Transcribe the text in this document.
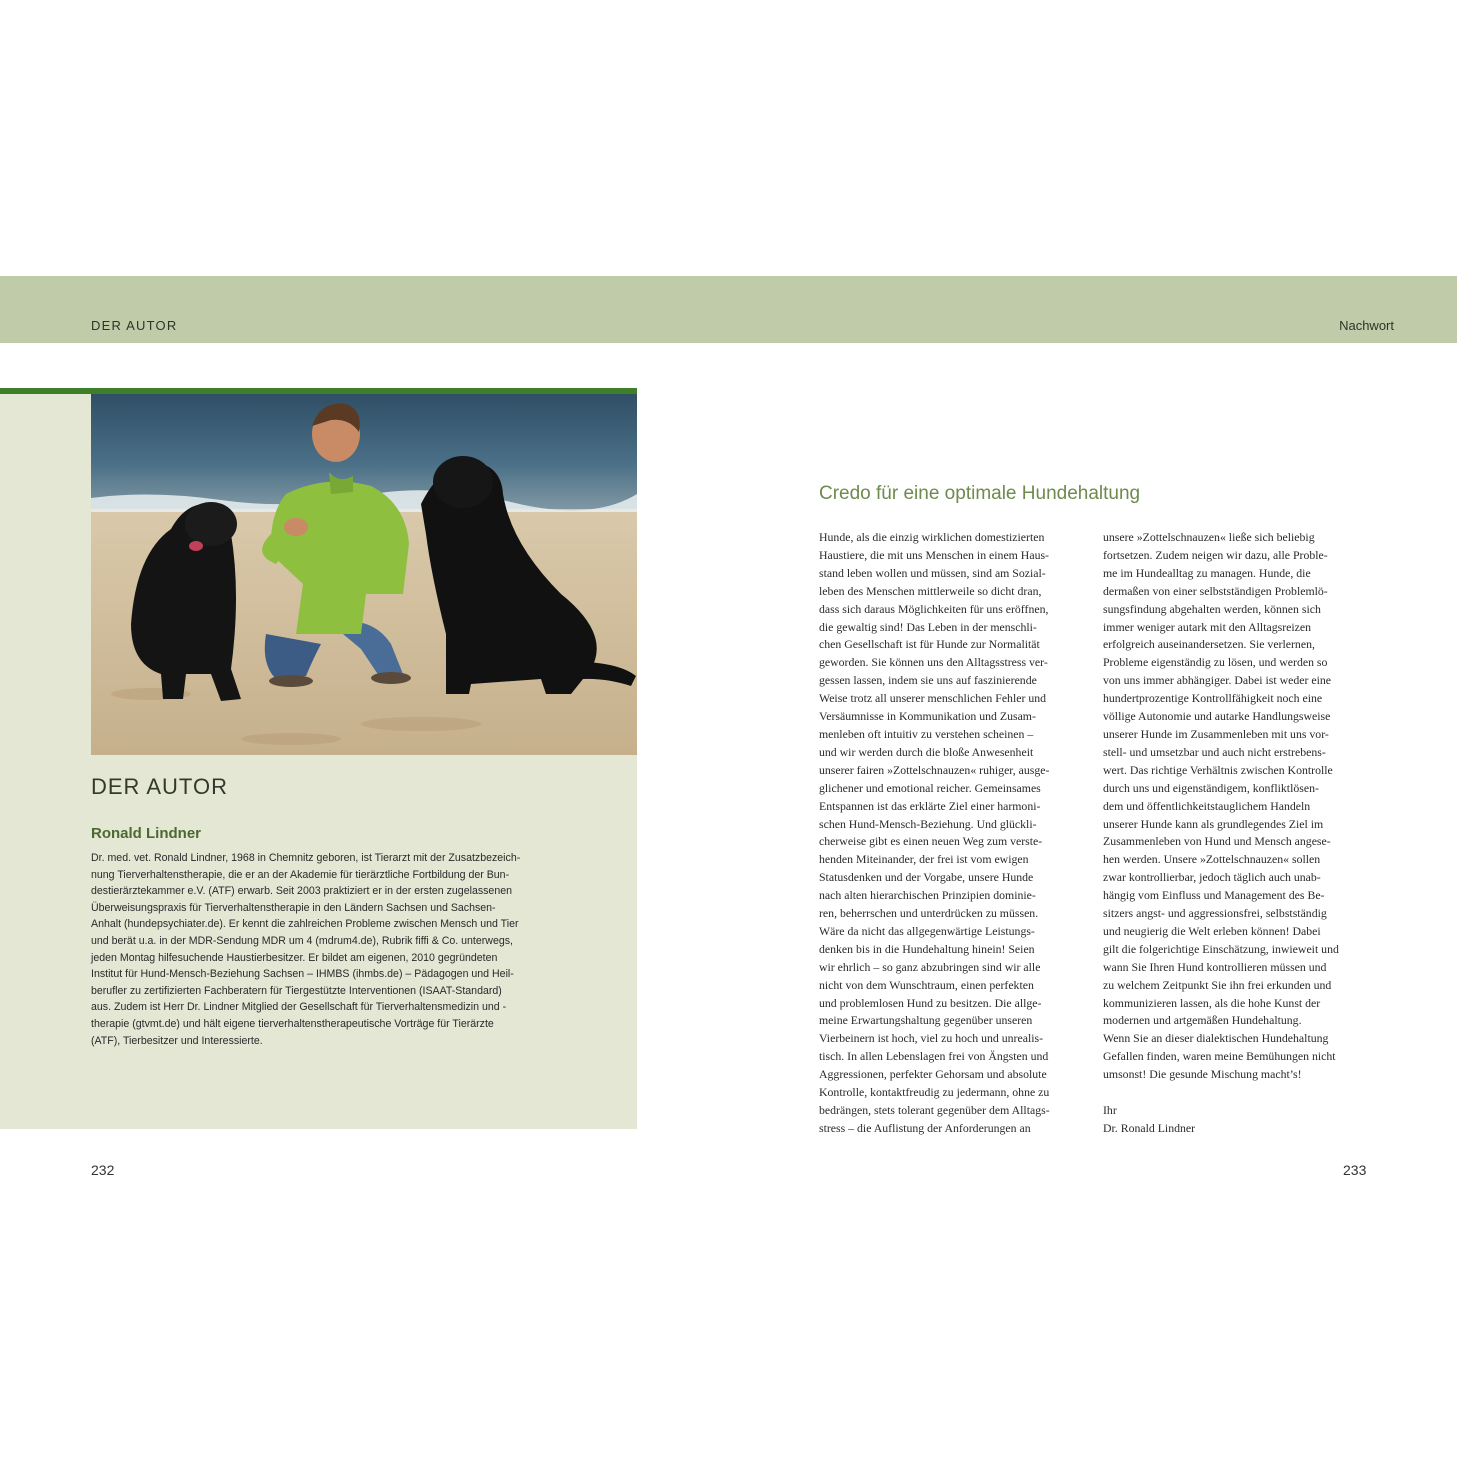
DER AUTOR	Nachwort
DER AUTOR
Ronald Lindner

Dr. med. vet. Ronald Lindner, 1968 in Chemnitz geboren, ist Tierarzt mit der Zusatzbezeich-
nung Tierverhaltenstherapie, die er an der Akademie für tierärztliche Fortbildung der Bun-
destierärztekammer e.V. (ATF) erwarb. Seit 2003 praktiziert er in der ersten zugelassenen
Überweisungspraxis für Tierverhaltenstherapie in den Ländern Sachsen und Sachsen-
Anhalt (hundepsychiater.de). Er kennt die zahlreichen Probleme zwischen Mensch und Tier
und berät u.a. in der MDR-Sendung MDR um 4 (mdrum4.de), Rubrik fiffi & Co. unterwegs,
jeden Montag hilfesuchende Haustierbesitzer. Er bildet am eigenen, 2010 gegründeten
Institut für Hund-Mensch-Beziehung Sachsen – IHMBS (ihmbs.de) – Pädagogen und Heil-
berufler zu zertifizierten Fachberatern für Tiergestützte Interventionen (ISAAT-Standard)
aus. Zudem ist Herr Dr. Lindner Mitglied der Gesellschaft für Tierverhaltensmedizin und -
therapie (gtvmt.de) und hält eigene tierverhaltenstherapeutische Vorträge für Tierärzte
(ATF), Tierbesitzer und Interessierte.

Credo für eine optimale Hundehaltung
Hunde, als die einzig wirklichen domestizierten
Haustiere, die mit uns Menschen in einem Haus-
stand leben wollen und müssen, sind am Sozial-
leben des Menschen mittlerweile so dicht dran,
dass sich daraus Möglichkeiten für uns eröffnen,
die gewaltig sind! Das Leben in der menschli-
chen Gesellschaft ist für Hunde zur Normalität
geworden. Sie können uns den Alltagsstress ver-
gessen lassen, indem sie uns auf faszinierende
Weise trotz all unserer menschlichen Fehler und
Versäumnisse in Kommunikation und Zusam-
menleben oft intuitiv zu verstehen scheinen –
und wir werden durch die bloße Anwesenheit
unserer fairen »Zottelschnauzen« ruhiger, ausge-
glichener und emotional reicher. Gemeinsames
Entspannen ist das erklärte Ziel einer harmoni-
schen Hund-Mensch-Beziehung. Und glückli-
cherweise gibt es einen neuen Weg zum verste-
henden Miteinander, der frei ist vom ewigen
Statusdenken und der Vorgabe, unsere Hunde
nach alten hierarchischen Prinzipien dominie-
ren, beherrschen und unterdrücken zu müssen.
Wäre da nicht das allgegenwärtige Leistungs-
denken bis in die Hundehaltung hinein! Seien
wir ehrlich – so ganz abzubringen sind wir alle
nicht von dem Wunschtraum, einen perfekten
und problemlosen Hund zu besitzen. Die allge-
meine Erwartungshaltung gegenüber unseren
Vierbeinern ist hoch, viel zu hoch und unrealis-
tisch. In allen Lebenslagen frei von Ängsten und
Aggressionen, perfekter Gehorsam und absolute
Kontrolle, kontaktfreudig zu jedermann, ohne zu
bedrängen, stets tolerant gegenüber dem Alltags-
stress – die Auflistung der Anforderungen an
unsere »Zottelschnauzen« ließe sich beliebig
fortsetzen. Zudem neigen wir dazu, alle Proble-
me im Hundealltag zu managen. Hunde, die
dermaßen von einer selbstständigen Problemlö-
sungsfindung abgehalten werden, können sich
immer weniger autark mit den Alltagsreizen
erfolgreich auseinandersetzen. Sie verlernen,
Probleme eigenständig zu lösen, und werden so
von uns immer abhängiger. Dabei ist weder eine
hundertprozentige Kontrollfähigkeit noch eine
völlige Autonomie und autarke Handlungsweise
unserer Hunde im Zusammenleben mit uns vor-
stell- und umsetzbar und auch nicht erstrebens-
wert. Das richtige Verhältnis zwischen Kontrolle
durch uns und eigenständigem, konfliktlösen-
dem und öffentlichkeitstauglichem Handeln
unserer Hunde kann als grundlegendes Ziel im
Zusammenleben von Hund und Mensch angese-
hen werden. Unsere »Zottelschnauzen« sollen
zwar kontrollierbar, jedoch täglich auch unab-
hängig vom Einfluss und Management des Be-
sitzers angst- und aggressionsfrei, selbstständig
und neugierig die Welt erleben können! Dabei
gilt die folgerichtige Einschätzung, inwieweit und
wann Sie Ihren Hund kontrollieren müssen und
zu welchem Zeitpunkt Sie ihn frei erkunden und
kommunizieren lassen, als die hohe Kunst der
modernen und artgemäßen Hundehaltung.
Wenn Sie an dieser dialektischen Hundehaltung
Gefallen finden, waren meine Bemühungen nicht
umsonst! Die gesunde Mischung macht’s!
Ihr
Dr. Ronald Lindner
232	233
